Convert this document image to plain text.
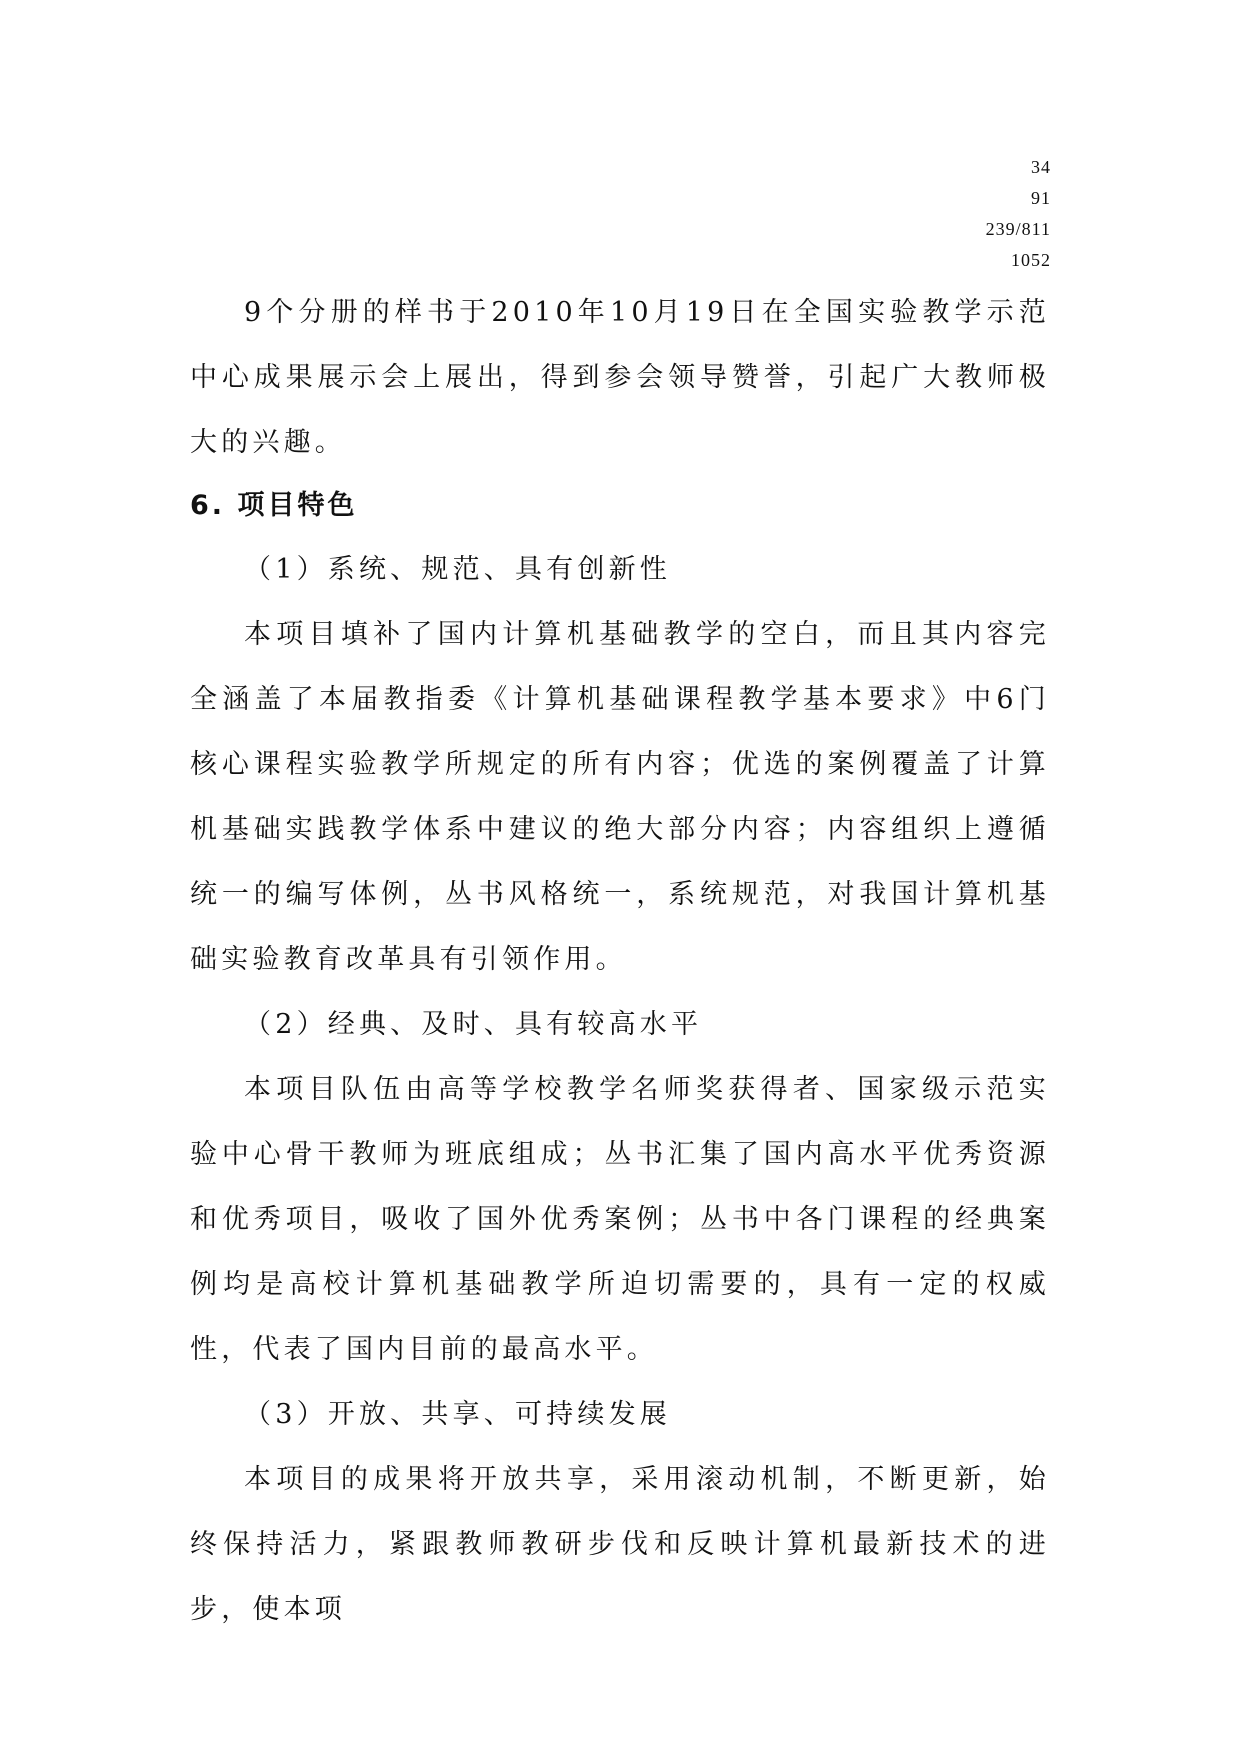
34
91
239/811
1052

9个分册的样书于2010年10月19日在全国实验教学示范中心成果展示会上展出，得到参会领导赞誉，引起广大教师极大的兴趣。

6. 项目特色

（1）系统、规范、具有创新性

本项目填补了国内计算机基础教学的空白，而且其内容完全涵盖了本届教指委《计算机基础课程教学基本要求》中6门核心课程实验教学所规定的所有内容；优选的案例覆盖了计算机基础实践教学体系中建议的绝大部分内容；内容组织上遵循统一的编写体例，丛书风格统一，系统规范，对我国计算机基础实验教育改革具有引领作用。

（2）经典、及时、具有较高水平

本项目队伍由高等学校教学名师奖获得者、国家级示范实验中心骨干教师为班底组成；丛书汇集了国内高水平优秀资源和优秀项目，吸收了国外优秀案例；丛书中各门课程的经典案例均是高校计算机基础教学所迫切需要的，具有一定的权威性，代表了国内目前的最高水平。

（3）开放、共享、可持续发展

本项目的成果将开放共享，采用滚动机制，不断更新，始终保持活力，紧跟教师教研步伐和反映计算机最新技术的进步，使本项
